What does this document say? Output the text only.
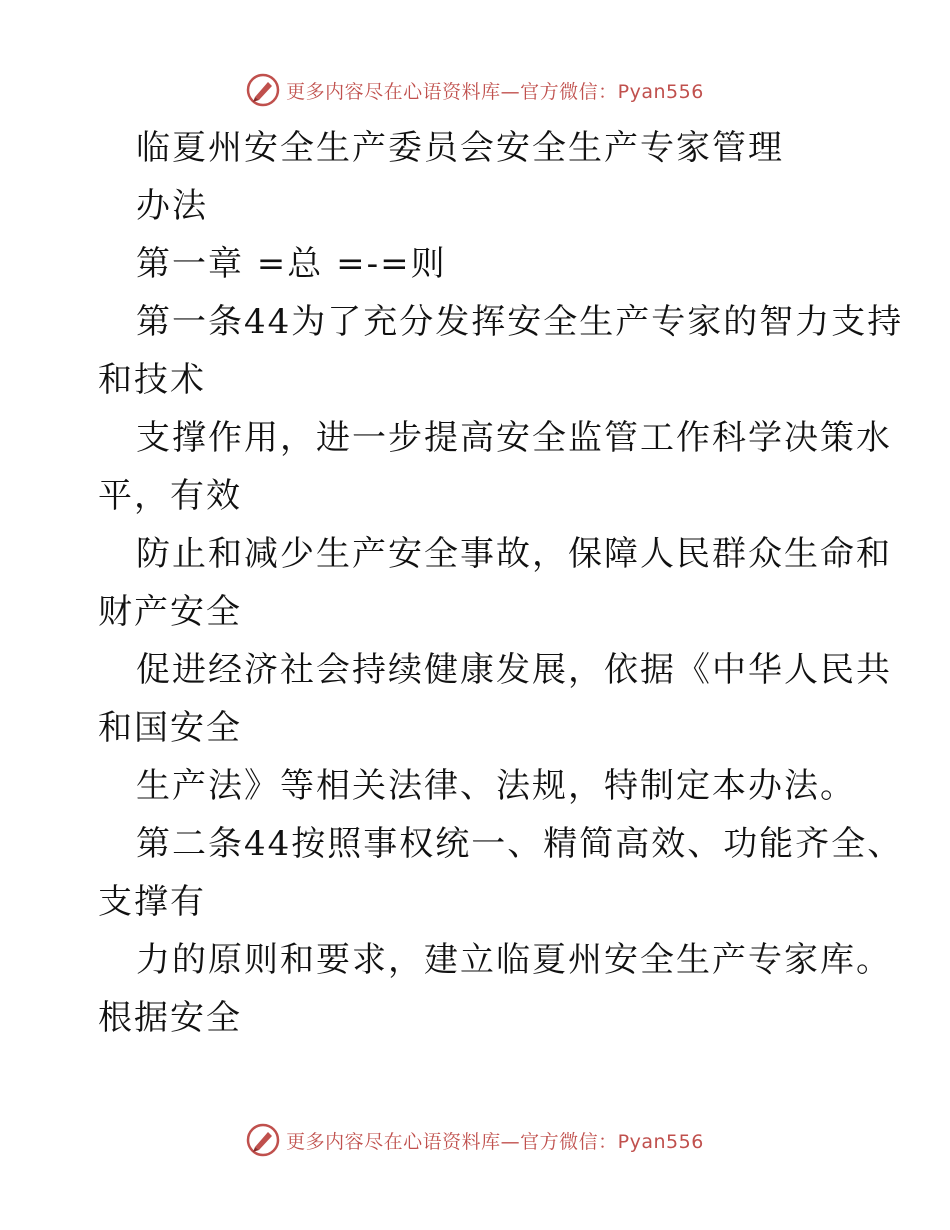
更多内容尽在心语资料库—官方微信：Pyan556
临夏州安全生产委员会安全生产专家管理
办法
第一章 =总 =-=则
第一条44为了充分发挥安全生产专家的智力支持
和技术
支撑作用，进一步提高安全监管工作科学决策水
平，有效
防止和减少生产安全事故，保障人民群众生命和
财产安全
促进经济社会持续健康发展，依据《中华人民共
和国安全
生产法》等相关法律、法规，特制定本办法。
第二条44按照事权统一、精简高效、功能齐全、
支撑有
力的原则和要求，建立临夏州安全生产专家库。
根据安全
更多内容尽在心语资料库—官方微信：Pyan556
